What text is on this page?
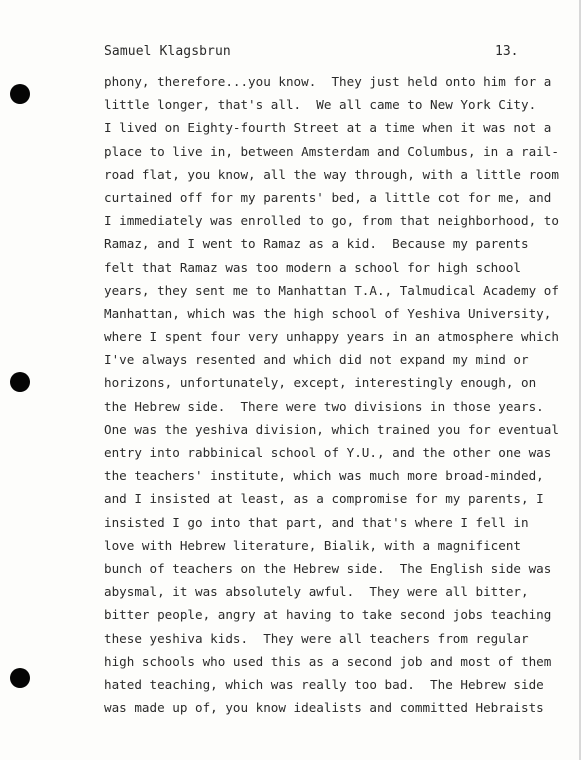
Samuel Klagsbrun	13.
phony, therefore...you know.  They just held onto him for a
little longer, that's all.  We all came to New York City.
I lived on Eighty-fourth Street at a time when it was not a
place to live in, between Amsterdam and Columbus, in a rail-
road flat, you know, all the way through, with a little room
curtained off for my parents' bed, a little cot for me, and
I immediately was enrolled to go, from that neighborhood, to
Ramaz, and I went to Ramaz as a kid.  Because my parents
felt that Ramaz was too modern a school for high school
years, they sent me to Manhattan T.A., Talmudical Academy of
Manhattan, which was the high school of Yeshiva University,
where I spent four very unhappy years in an atmosphere which
I've always resented and which did not expand my mind or
horizons, unfortunately, except, interestingly enough, on
the Hebrew side.  There were two divisions in those years.
One was the yeshiva division, which trained you for eventual
entry into rabbinical school of Y.U., and the other one was
the teachers' institute, which was much more broad-minded,
and I insisted at least, as a compromise for my parents, I
insisted I go into that part, and that's where I fell in
love with Hebrew literature, Bialik, with a magnificent
bunch of teachers on the Hebrew side.  The English side was
abysmal, it was absolutely awful.  They were all bitter,
bitter people, angry at having to take second jobs teaching
these yeshiva kids.  They were all teachers from regular
high schools who used this as a second job and most of them
hated teaching, which was really too bad.  The Hebrew side
was made up of, you know idealists and committed Hebraists
